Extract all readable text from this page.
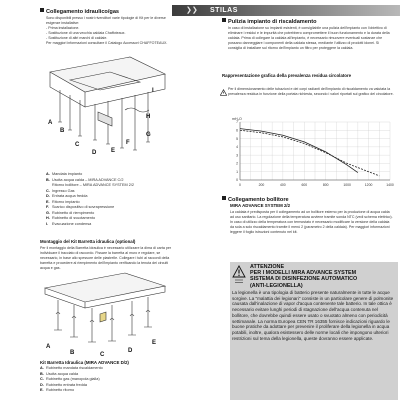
❯❯ STILAS
Collegamento idraulico/gas
Sono disponibili presso i nostri rivenditori varie tipologie di Kit per le diverse esigenze installative:
- Prima installazione.
- Sostituzione di una vecchia caldaia Chaffoteaux.
- Sostituzione di altri marchi di caldaie.
Per maggiori informazioni consultare il Catalogo Accessori CHAFFOTEAUX.
A
B
C
D E
F
G
H
I
A. Mandata impianto
B. Uscita acqua calda – MIRA ADVANCE C/2
Ritorno bollitore – MIRA ADVANCE SYSTEM 2/2
C. Ingresso Gas
D. Entrata acqua fredda
E. Ritorno impianto
F. Scarico dispositivo di sovrapressione
G. Rubinetto di riempimento
H. Rubinetto di svuotamento
I. Evacuazione condensa
Montaggio del Kit Barretta idraulica (optional)
Per il montaggio della Barretta Idraulica è necessario utilizzare la dima di carta per individuare il tracciato di raccordo. Fissare la barretta al muro e regolare, se necessario, in base allo spessore delle piastrelle. Collegare i tubi ai raccordi della barretta e procedere al riempimento dell'impianto verificando la tenuta dei circuiti acqua e gas.
A
B	C
D
E
Kit Barretta Idraulica (MIRA ADVANCE D/2)
A. Rubinetto mandata riscaldamento
B. Uscita acqua calda
C. Rubinetto gas (manopola gialla)
D. Rubinetto entrata fredda
E. Rubinetto ritorno
Pulizia impianto di riscaldamento
In caso di installazione su impianti esistenti, è consigliabile una pulizia dell'impianto con l'obiettivo di eliminare i residui e le impurità che potrebbero compromettere il buon funzionamento e la durata della caldaia. Prima di collegare la caldaia all'impianto, è necessario rimuovere eventuali sostanze che possano danneggiare i componenti della caldaia stessa, mediante l'utilizzo di prodotti idonei. Si consiglia di installare sul ritorno dell'impianto un filtro per proteggere la caldaia.
Rappresentazione grafica della prevalenza residua circolatore
Per il dimensionamento delle tubazioni e dei corpi radianti dell'impianto di riscaldamento va valutata la prevalenza residua in funzione della portata richiesta, secondo i valori riportati sul grafico del circolatore.
0	200	400	600	800	1000	1200	1400
0
1
2
3
4
5
6
7
mH₂O
Collegamento bollitore
MIRA ADVANCE SYSTEM 2/2
La caldaia è predisposta per il collegamento ad un bollitore esterno per la produzione di acqua calda ad uso sanitario. La regolazione della temperatura avviene tramite sonda NTC (vedi schema elettrico). In caso di utilizzo della temperatura con termostato è necessario modificare la versione della caldaia da sola a solo riscaldamento tramite il menù 2 (parametro 2 della caldaia). Per maggiori informazioni leggere il foglio istruzioni contenuto nel kit.
ATTENZIONE
PER I MODELLI MIRA ADVANCE SYSTEM
SISTEMA DI DISINFEZIONE AUTOMATICO
(ANTI-LEGIONELLA)
La legionella è una tipologia di batterio presente naturalmente in tutte le acque sorgive. La "malattia dei legionari" consiste in un particolare genere di polmonite causata dall'inalazione di vapor d'acqua contenente tale batterio. In tale ottica è necessario evitare lunghi periodi di stagnazione dell'acqua contenuta nel bollitore, che dovrebbe quindi essere usato o svuotato almeno con periodicità settimanale. La norma Europea CEN TR 16355 fornisce indicazioni riguardo le buone pratiche da adottare per prevenire il proliferare della legionella in acqua potabili, inoltre, qualora esistessero delle norme locali che impongono ulteriori restrizioni sul tema della legionella, queste dovranno essere applicate.
